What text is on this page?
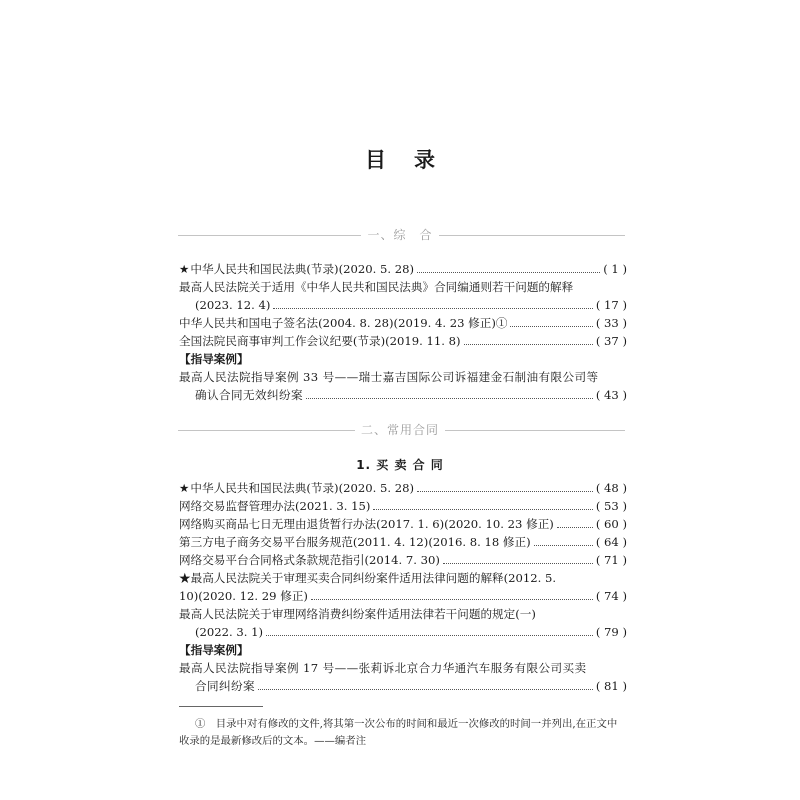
目 录
一、综　合
★中华人民共和国民法典(节录)(2020. 5. 28)	( 1 )
最高人民法院关于适用《中华人民共和国民法典》合同编通则若干问题的解释
(2023. 12. 4)	( 17 )
中华人民共和国电子签名法(2004. 8. 28)(2019. 4. 23 修正)①	( 33 )
全国法院民商事审判工作会议纪要(节录)(2019. 11. 8)	( 37 )
【指导案例】
最高人民法院指导案例 33 号——瑞士嘉吉国际公司诉福建金石制油有限公司等
确认合同无效纠纷案	( 43 )
二、常用合同
1. 买 卖 合 同
★中华人民共和国民法典(节录)(2020. 5. 28)	( 48 )
网络交易监督管理办法(2021. 3. 15)	( 53 )
网络购买商品七日无理由退货暂行办法(2017. 1. 6)(2020. 10. 23 修正)	( 60 )
第三方电子商务交易平台服务规范(2011. 4. 12)(2016. 8. 18 修正)	( 64 )
网络交易平台合同格式条款规范指引(2014. 7. 30)	( 71 )
★最高人民法院关于审理买卖合同纠纷案件适用法律问题的解释(2012. 5.
10)(2020. 12. 29 修正)	( 74 )
最高人民法院关于审理网络消费纠纷案件适用法律若干问题的规定(一)
(2022. 3. 1)	( 79 )
【指导案例】
最高人民法院指导案例 17 号——张莉诉北京合力华通汽车服务有限公司买卖
合同纠纷案	( 81 )
①　目录中对有修改的文件,将其第一次公布的时间和最近一次修改的时间一并列出,在正文中收录的是最新修改后的文本。——编者注
